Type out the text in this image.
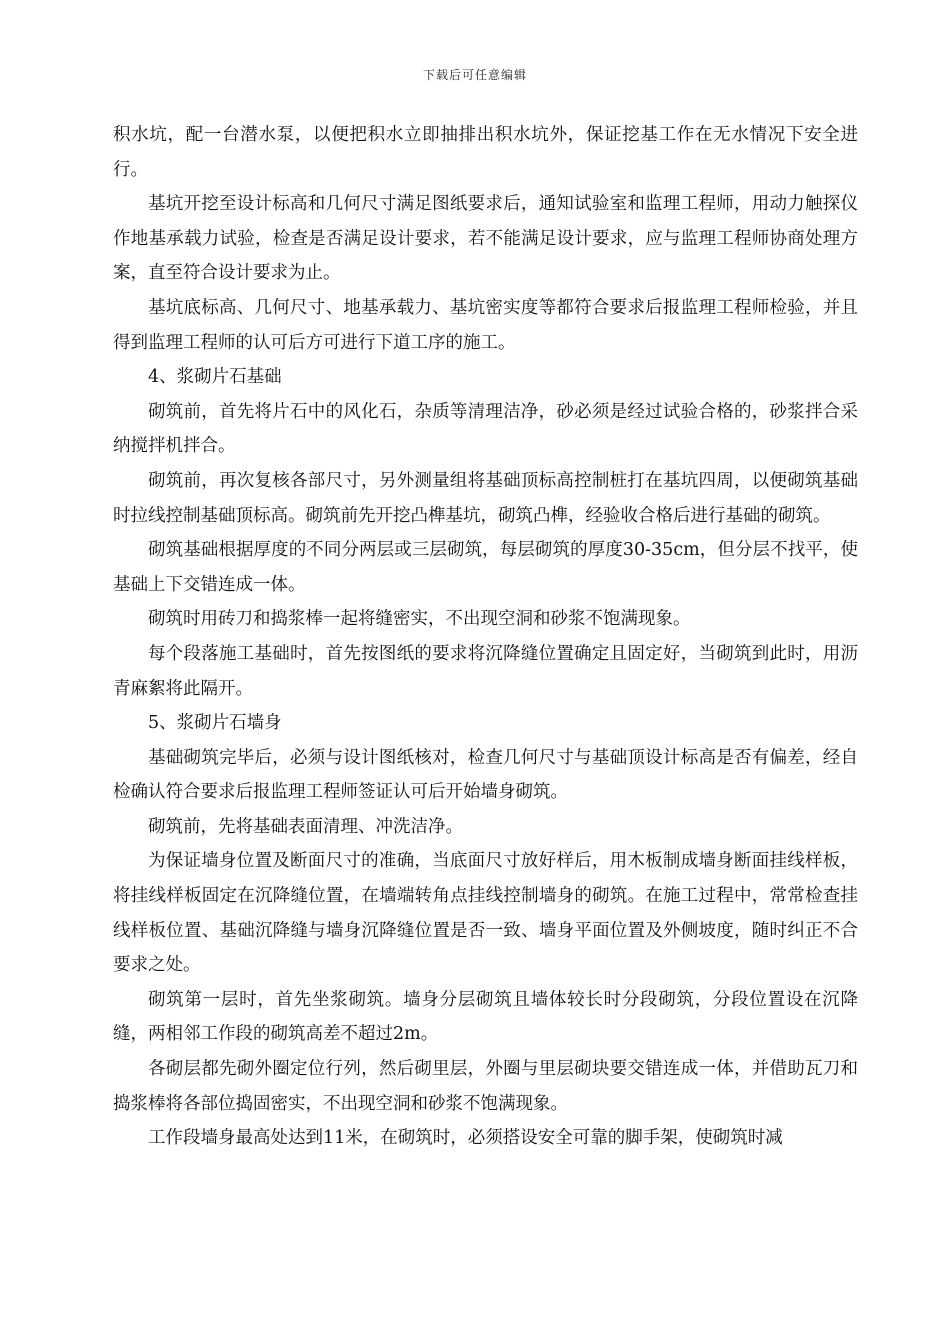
下载后可任意编辑

积水坑，配一台潜水泵，以便把积水立即抽排出积水坑外，保证挖基工作在无水情况下安全进行。

基坑开挖至设计标高和几何尺寸满足图纸要求后，通知试验室和监理工程师，用动力触探仪作地基承载力试验，检查是否满足设计要求，若不能满足设计要求，应与监理工程师协商处理方案，直至符合设计要求为止。

基坑底标高、几何尺寸、地基承载力、基坑密实度等都符合要求后报监理工程师检验，并且得到监理工程师的认可后方可进行下道工序的施工。

4、浆砌片石基础

砌筑前，首先将片石中的风化石，杂质等清理洁净，砂必须是经过试验合格的，砂浆拌合采纳搅拌机拌合。

砌筑前，再次复核各部尺寸，另外测量组将基础顶标高控制桩打在基坑四周，以便砌筑基础时拉线控制基础顶标高。砌筑前先开挖凸榫基坑，砌筑凸榫，经验收合格后进行基础的砌筑。

砌筑基础根据厚度的不同分两层或三层砌筑，每层砌筑的厚度30-35cm，但分层不找平，使基础上下交错连成一体。

砌筑时用砖刀和捣浆棒一起将缝密实，不出现空洞和砂浆不饱满现象。

每个段落施工基础时，首先按图纸的要求将沉降缝位置确定且固定好，当砌筑到此时，用沥青麻絮将此隔开。

5、浆砌片石墙身

基础砌筑完毕后，必须与设计图纸核对，检查几何尺寸与基础顶设计标高是否有偏差，经自检确认符合要求后报监理工程师签证认可后开始墙身砌筑。

砌筑前，先将基础表面清理、冲洗洁净。

为保证墙身位置及断面尺寸的准确，当底面尺寸放好样后，用木板制成墙身断面挂线样板，将挂线样板固定在沉降缝位置，在墙端转角点挂线控制墙身的砌筑。在施工过程中，常常检查挂线样板位置、基础沉降缝与墙身沉降缝位置是否一致、墙身平面位置及外侧坡度，随时纠正不合要求之处。

砌筑第一层时，首先坐浆砌筑。墙身分层砌筑且墙体较长时分段砌筑，分段位置设在沉降缝，两相邻工作段的砌筑高差不超过2m。

各砌层都先砌外圈定位行列，然后砌里层，外圈与里层砌块要交错连成一体，并借助瓦刀和捣浆棒将各部位捣固密实，不出现空洞和砂浆不饱满现象。

工作段墙身最高处达到11米，在砌筑时，必须搭设安全可靠的脚手架，使砌筑时减
